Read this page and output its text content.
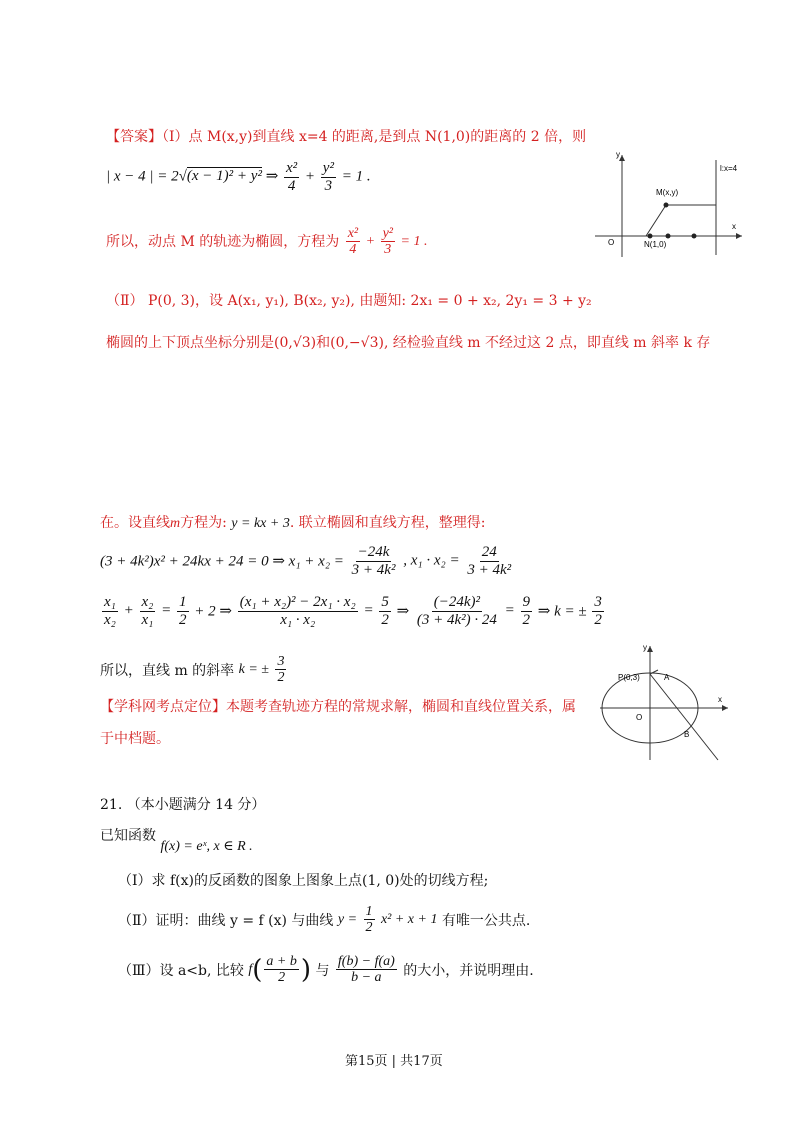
【答案】（Ⅰ）点 M(x,y)到直线 x=4 的距离,是到点 N(1,0)的距离的 2 倍，则
| x − 4 | = 2√(x − 1)² + y² ⇒ $\frac{\text{x²}}{4} + \frac{\text{y²}}{3} = 1$ .
所以，动点 M 的轨迹为椭圆，方程为 $\frac{\text{x²}}{4} + \frac{\text{y²}}{3} = 1$ .
（Ⅱ） P(0, 3)，设 A(x₁, y₁), B(x₂, y₂), 由题知: 2x₁ = 0 + x₂, 2y₁ = 3 + y₂
椭圆的上下顶点坐标分别是(0,√3)和(0,−√3), 经检验直线 m 不经过这 2 点，即直线 m 斜率 k 存
y
x
O
M(x,y)
N(1,0)
l:x=4
在。设直线m方程为: y = kx + 3. 联立椭圆和直线方程，整理得:
(3 + 4k²)x² + 24kx + 24 = 0 ⇒ $x_1 + x_2 = \frac{-24k}{\text{3 + 4k²}}$ , $x_1 \cdot x_2 = \frac{24}{\text{3 + 4k²}}$
$\frac{\text{x₁}}{\text{x₂}} + \frac{\text{x₂}}{\text{x₁}} = \frac{1}{2} + 2$ ⇒ $\frac{\text{(x₁ + x₂)² − 2x₁ · x₂}}{\text{x₁ · x₂}} = \frac{5}{2}$ ⇒ $\frac{\text{(−24k)²}}{\text{(3 + 4k²) · 24}} = \frac{9}{2}$ ⇒ k = ± $\frac{3}{2}$
所以，直线 m 的斜率 k = ± $\frac{3}{2}$
【学科网考点定位】本题考查轨迹方程的常规求解，椭圆和直线位置关系，属
于中档题。
y
x
O
P(0,3)	A
B
21. （本小题满分 14 分）
已知函数 f(x) = eˣ, x ∈ R .
（Ⅰ）求 f(x)的反函数的图象上图象上点(1, 0)处的切线方程;
（Ⅱ）证明：曲线 y = f (x) 与曲线 $y = \frac{1}{2} x^2 + x + 1$ 有唯一公共点.
（Ⅲ）设 a<b, 比较 $f( \frac{a + b}{2}$ ) 与 $\frac{f(b) - f(a)}{b - a}$ 的大小，并说明理由.
第15页 | 共17页
